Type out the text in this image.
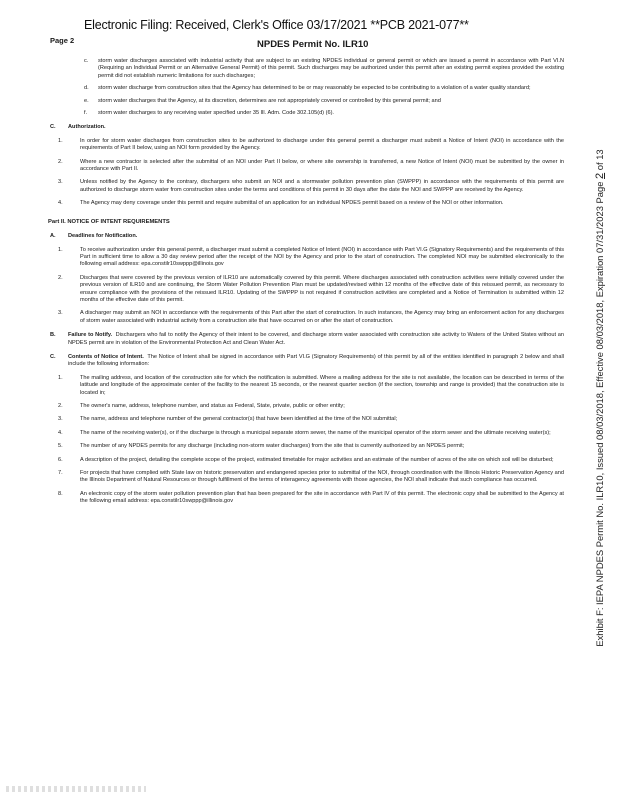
Electronic Filing: Received, Clerk's Office 03/17/2021 **PCB 2021-077**
Page 2	NPDES Permit No. ILR10
c.	storm water discharges associated with industrial activity that are subject to an existing NPDES individual or general permit or which are issued a permit in accordance with Part VI.N (Requiring an Individual Permit or an Alternative General Permit) of this permit. Such discharges may be authorized under this permit after an existing permit expires provided the existing permit did not establish numeric limitations for such discharges;
d.	storm water discharge from construction sites that the Agency has determined to be or may reasonably be expected to be contributing to a violation of a water quality standard;
e.	storm water discharges that the Agency, at its discretion, determines are not appropriately covered or controlled by this general permit; and
f.	storm water discharges to any receiving water specified under 35 Ill. Adm. Code 302.105(d) (6).
C.	Authorization.
1.	In order for storm water discharges from construction sites to be authorized to discharge under this general permit a discharger must submit a Notice of Intent (NOI) in accordance with the requirements of Part II below, using an NOI form provided by the Agency.
2.	Where a new contractor is selected after the submittal of an NOI under Part II below, or where site ownership is transferred, a new Notice of Intent (NOI) must be submitted by the owner in accordance with Part II.
3.	Unless notified by the Agency to the contrary, dischargers who submit an NOI and a stormwater pollution prevention plan (SWPPP) in accordance with the requirements of this permit are authorized to discharge storm water from construction sites under the terms and conditions of this permit in 30 days after the date the NOI and SWPPP are received by the Agency.
4.	The Agency may deny coverage under this permit and require submittal of an application for an individual NPDES permit based on a review of the NOI or other information.
Part II. NOTICE OF INTENT REQUIREMENTS
A.	Deadlines for Notification.
1.	To receive authorization under this general permit, a discharger must submit a completed Notice of Intent (NOI) in accordance with Part VI.G (Signatory Requirements) and the requirements of this Part in sufficient time to allow a 30 day review period after the receipt of the NOI by the Agency and prior to the start of construction. The completed NOI may be submitted electronically to the following email address: epa.constilr10swppp@illinois.gov
2.	Discharges that were covered by the previous version of ILR10 are automatically covered by this permit. Where discharges associated with construction activities were initially covered under the previous version of ILR10 and are continuing, the Storm Water Pollution Prevention Plan must be updated/revised within 12 months of the effective date of this reissued permit, as necessary to ensure compliance with the provisions of the reissued ILR10. Updating of the SWPPP is not required if construction activities are completed and a Notice of Termination is submitted within 12 months of the effective date of this permit.
3.	A discharger may submit an NOI in accordance with the requirements of this Part after the start of construction. In such instances, the Agency may bring an enforcement action for any discharges of storm water associated with industrial activity from a construction site that have occurred on or after the start of construction.
B.	Failure to Notify. Dischargers who fail to notify the Agency of their intent to be covered, and discharge storm water associated with construction site activity to Waters of the United States without an NPDES permit are in violation of the Environmental Protection Act and Clean Water Act.
C.	Contents of Notice of Intent. The Notice of Intent shall be signed in accordance with Part VI.G (Signatory Requirements) of this permit by all of the entities identified in paragraph 2 below and shall include the following information:
1.	The mailing address, and location of the construction site for which the notification is submitted. Where a mailing address for the site is not available, the location can be described in terms of the latitude and longitude of the approximate center of the facility to the nearest 15 seconds, or the nearest quarter section (if the section, township and range is provided) that the construction site is located in;
2.	The owner's name, address, telephone number, and status as Federal, State, private, public or other entity;
3.	The name, address and telephone number of the general contractor(s) that have been identified at the time of the NOI submittal;
4.	The name of the receiving water(s), or if the discharge is through a municipal separate storm sewer, the name of the municipal operator of the storm sewer and the ultimate receiving water(s);
5.	The number of any NPDES permits for any discharge (including non-storm water discharges) from the site that is currently authorized by an NPDES permit;
6.	A description of the project, detailing the complete scope of the project, estimated timetable for major activities and an estimate of the number of acres of the site on which soil will be disturbed;
7.	For projects that have complied with State law on historic preservation and endangered species prior to submittal of the NOI, through coordination with the Illinois Historic Preservation Agency and the Illinois Department of Natural Resources or through fulfillment of the terms of interagency agreements with those agencies, the NOI shall indicate that such compliance has occurred.
8.	An electronic copy of the storm water pollution prevention plan that has been prepared for the site in accordance with Part IV of this permit. The electronic copy shall be submitted to the Agency at the following email address: epa.constilr10swppp@illinois.gov	Exhibit F: IEPA NPDES Permit No. ILR10, Issued 08/03/2018, Effective 08/03/2018, Expiration 07/31/2023 Page 2 of 13
